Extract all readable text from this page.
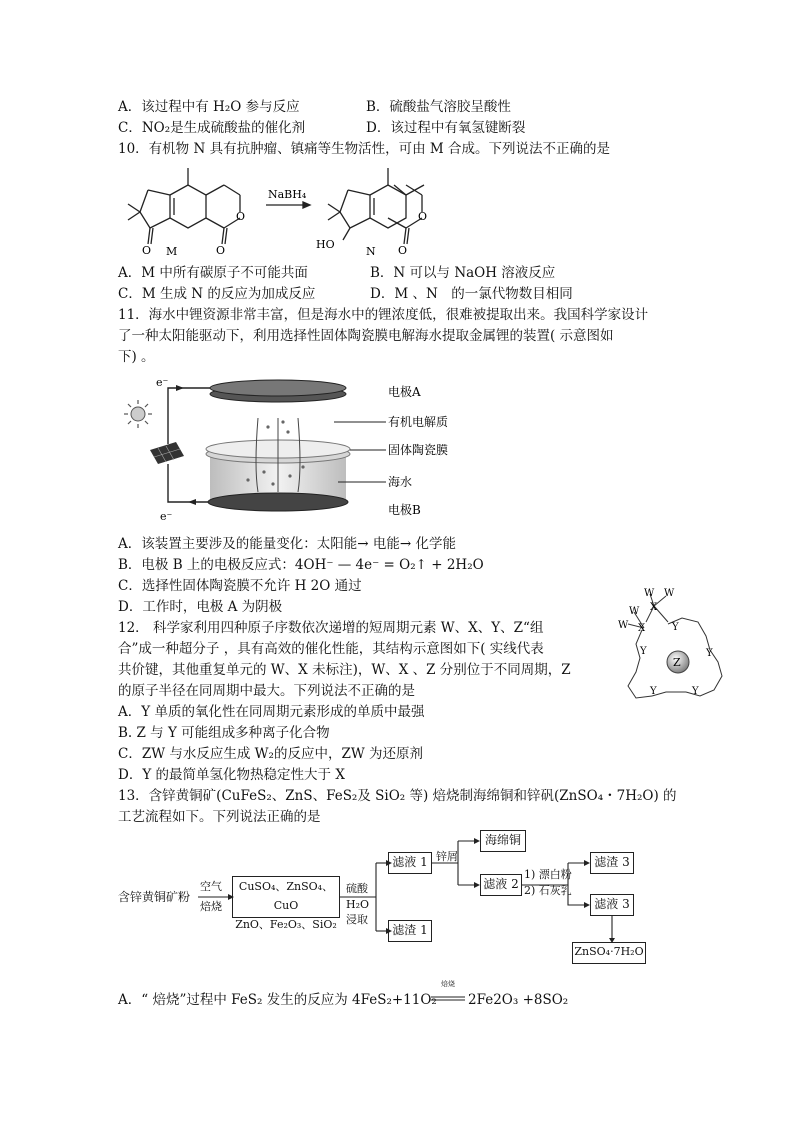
A．该过程中有 H₂O 参与反应	B．硫酸盐气溶胶呈酸性
C．NO₂是生成硫酸盐的催化剂	D．该过程中有氧氢键断裂
10．有机物 N 具有抗肿瘤、镇痛等生物活性，可由 M 合成。下列说法不正确的是
M
O	O
O
NaBH₄
N
HO
O
O
A．M 中所有碳原子不可能共面	B．N 可以与 NaOH 溶液反应
C．M 生成 N 的反应为加成反应	D．M 、N　的一氯代物数目相同
11．海水中锂资源非常丰富，但是海水中的锂浓度低，很难被提取出来。我国科学家设计
了一种太阳能驱动下，利用选择性固体陶瓷膜电解海水提取金属锂的装置( 示意图如
下) 。
e⁻
e⁻
电极A
有机电解质
固体陶瓷膜
海水
电极B
A．该装置主要涉及的能量变化：太阳能→ 电能→ 化学能
B．电极 B 上的电极反应式：4OH⁻ — 4e⁻ = O₂↑ + 2H₂O
C．选择性固体陶瓷膜不允许 H 2O 通过
D．工作时，电极 A 为阴极
12． 科学家利用四种原子序数依次递增的短周期元素 W、X、Y、Z“组
合”成一种超分子 ，具有高效的催化性能，其结构示意图如下( 实线代表
共价键，其他重复单元的 W、X 未标注)，W、X 、Z 分别位于不同周期，Z
的原子半径在同周期中最大。下列说法不正确的是
A．Y 单质的氧化性在同周期元素形成的单质中最强
B. Z 与 Y 可能组成多种离子化合物
C．ZW 与水反应生成 W₂的反应中，ZW 为还原剂
D．Y 的最简单氢化物热稳定性大于 X
W
W
W W
X
X	Y
Y	Y
Y	Y
Z
13．含锌黄铜矿(CuFeS₂、ZnS、FeS₂及 SiO₂ 等) 焙烧制海绵铜和锌矾(ZnSO₄・7H₂O) 的
工艺流程如下。下列说法正确的是
含锌黄铜矿粉
空气
焙烧
CuSO₄、ZnSO₄、CuO
ZnO、Fe₂O₃、SiO₂
硫酸
H₂O
浸取
滤液 1
滤渣 1
锌屑
海绵铜
滤液 2
1) 漂白粉
2) 石灰乳
滤渣 3
滤液 3
ZnSO₄·7H₂O
A．“ 焙烧”过程中 FeS₂ 发生的反应为 4FeS₂+11O₂
焙烧
2Fe2O₃ +8SO₂
